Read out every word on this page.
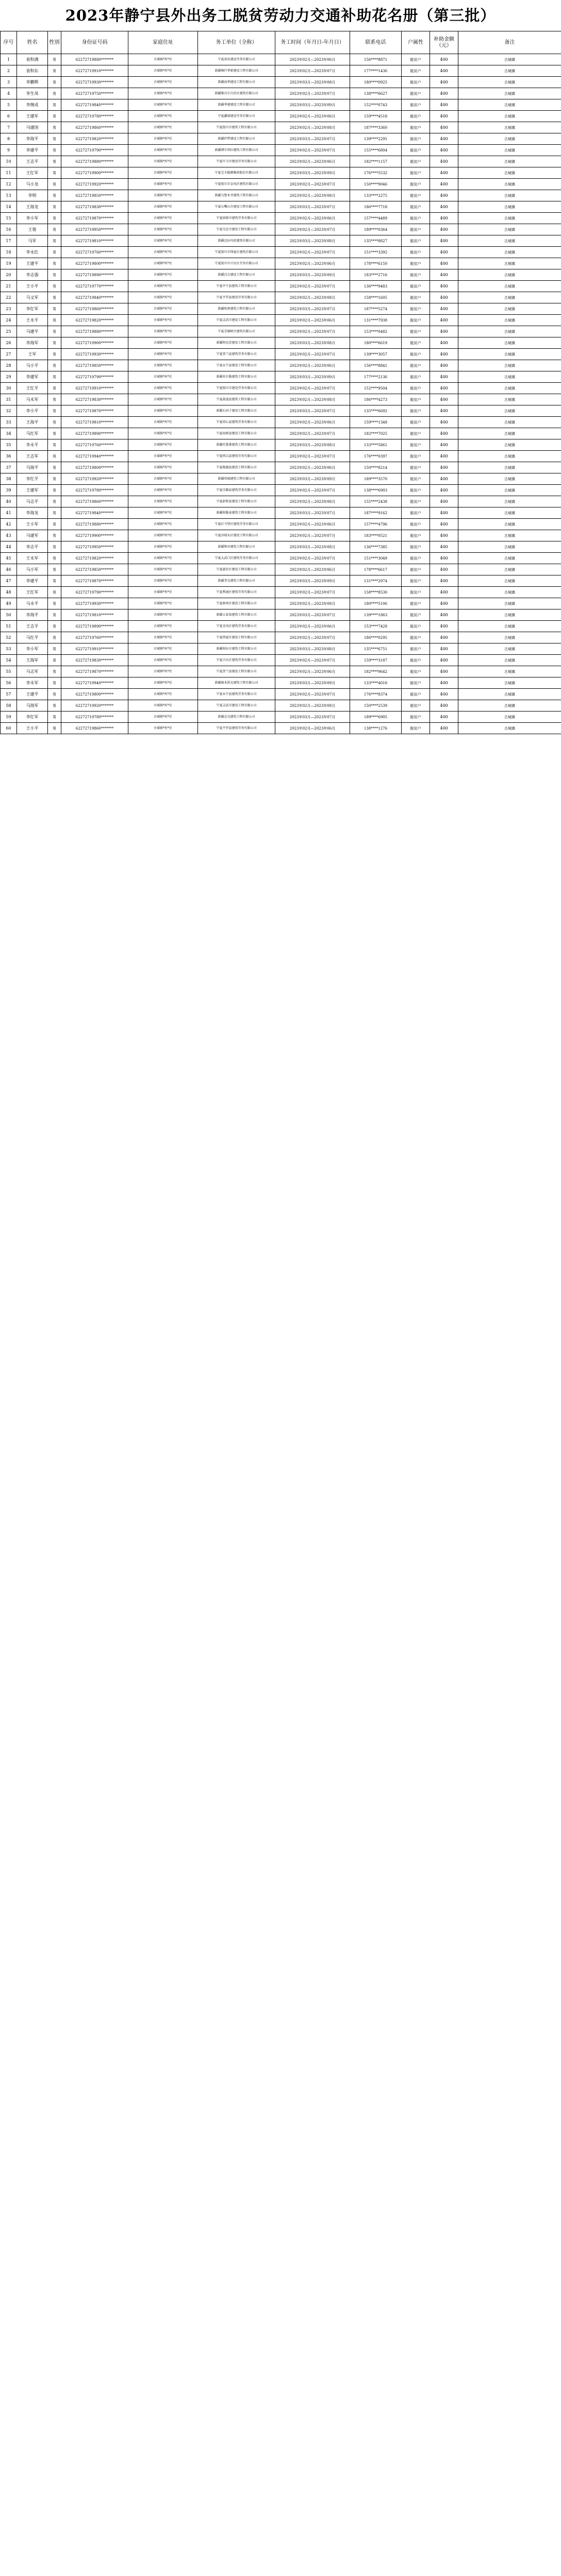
2023年静宁县外出务工脱贫劳动力交通补助花名册（第三批）
序号	姓名	性别	身份证号码	家庭住址	务工单位（全称）	务工时间（年月日-年月日）	联系电话	户属性	补助金额（元）	备注
1	袁和满	男	62272719880*******	古城镇*村*社	宁夏奋发建设劳务有限公司	2023年02月—2023年06月	156****8871	脱贫户	400	古城镇
2	袁和东	男	62272719910*******	古城镇*村*社	新疆喀什华新建设工程有限公司	2023年02月—2023年07月	177****1436	脱贫户	400	古城镇
3	李鹏辉	男	62272719930*******	古城镇*村*社	新疆海华建设工程有限公司	2023年03月—2023年08月	180****0925	脱贫户	400	古城镇
4	李生凤	男	62272719750*******	古城镇*村*社	新疆维吾尔自治区建筑有限公司	2023年02月—2023年07月	138****6627	脱贫户	400	古城镇
5	李继成	男	62272719840*******	古城镇*村*社	新疆华建建设工程有限公司	2023年03月—2023年09月	152****0743	脱贫户	400	古城镇
6	王建军	男	62272719780*******	古城镇*村*社	宁夏鑫瑞建设劳务有限公司	2023年02月—2023年06月	159****4518	脱贫户	400	古城镇
7	马建国	男	62272719860*******	古城镇*村*社	宁夏银川市建筑工程有限公司	2023年02月—2023年08月	187****3360	脱贫户	400	古城镇
8	李海平	男	62272719820*******	古城镇*村*社	新疆伊犁建设工程有限公司	2023年03月—2023年07月	139****2291	脱贫户	400	古城镇
9	李建平	男	62272719790*******	古城镇*村*社	新疆博尔塔拉建筑工程有限公司	2023年02月—2023年07月	155****6804	脱贫户	400	古城镇
10	王志平	男	62272719880*******	古城镇*村*社	宁夏中卫市建设劳务有限公司	2023年02月—2023年06月	182****1157	脱贫户	400	古城镇
11	王红军	男	62272719900*******	古城镇*村*社	宁夏宝丰能源集团股份有限公司	2023年03月—2023年09月	176****5532	脱贫户	400	古城镇
12	马小龙	男	62272719920*******	古城镇*村*社	宁夏银川市金凤区建筑有限公司	2023年02月—2023年07月	150****9046	脱贫户	400	古城镇
13	李明	男	62272719850*******	古城镇*村*社	新疆乌鲁木齐建筑工程有限公司	2023年02月—2023年08月	133****2275	脱贫户	400	古城镇
14	王海龙	男	62272719830*******	古城镇*村*社	宁夏石嘴山市建设工程有限公司	2023年03月—2023年07月	186****7718	脱贫户	400	古城镇
15	李小军	男	62272719870*******	古城镇*村*社	宁夏固原市建筑劳务有限公司	2023年02月—2023年06月	157****4489	脱贫户	400	古城镇
16	王俊	男	62272719950*******	古城镇*村*社	宁夏吴忠市建设工程有限公司	2023年02月—2023年07月	189****0364	脱贫户	400	古城镇
17	马军	男	62272719810*******	古城镇*村*社	新疆克拉玛依建筑有限公司	2023年03月—2023年08月	135****8827	脱贫户	400	古城镇
18	李永红	男	62272719760*******	古城镇*村*社	宁夏银川市西夏区建筑有限公司	2023年02月—2023年07月	151****3392	脱贫户	400	古城镇
19	王建平	男	62272719800*******	古城镇*村*社	宁夏银川市兴庆区劳务有限公司	2023年02月—2023年06月	178****6150	脱贫户	400	古城镇
20	李志强	男	62272719890*******	古城镇*村*社	新疆昌吉建设工程有限公司	2023年03月—2023年09月	183****2716	脱贫户	400	古城镇
21	王小平	男	62272719770*******	古城镇*村*社	宁夏中宁县建筑工程有限公司	2023年02月—2023年07月	136****9483	脱贫户	400	古城镇
22	马文军	男	62272719840*******	古城镇*村*社	宁夏平罗县建设劳务有限公司	2023年02月—2023年08月	158****1605	脱贫户	400	古城镇
23	李红军	男	62272719860*******	古城镇*村*社	新疆哈密建筑工程有限公司	2023年03月—2023年07月	187****5274	脱贫户	400	古城镇
24	王永平	男	62272719820*******	古城镇*村*社	宁夏灵武市建设工程有限公司	2023年02月—2023年06月	131****7938	脱贫户	400	古城镇
25	马建平	男	62272719880*******	古城镇*村*社	宁夏青铜峡市建筑有限公司	2023年02月—2023年07月	153****0482	脱贫户	400	古城镇
26	李海军	男	62272719900*******	古城镇*村*社	新疆阿克苏建设工程有限公司	2023年03月—2023年08月	180****6619	脱贫户	400	古城镇
27	王军	男	62272719930*******	古城镇*村*社	宁夏贺兰县建筑劳务有限公司	2023年02月—2023年07月	139****3057	脱贫户	400	古城镇
28	马小平	男	62272719850*******	古城镇*村*社	宁夏永宁县建设工程有限公司	2023年02月—2023年06月	156****8841	脱贫户	400	古城镇
29	李建军	男	62272719790*******	古城镇*村*社	新疆库尔勒建筑工程有限公司	2023年03月—2023年09月	177****2136	脱贫户	400	古城镇
30	王红平	男	62272719910*******	古城镇*村*社	宁夏银川市建设劳务有限公司	2023年02月—2023年07月	152****9504	脱贫户	400	古城镇
31	马永军	男	62272719830*******	古城镇*村*社	宁夏盐池县建筑工程有限公司	2023年02月—2023年08月	186****4273	脱贫户	400	古城镇
32	李小平	男	62272719870*******	古城镇*村*社	新疆石河子建设工程有限公司	2023年03月—2023年07月	135****6692	脱贫户	400	古城镇
33	王海平	男	62272719810*******	古城镇*村*社	宁夏同心县建筑劳务有限公司	2023年02月—2023年06月	159****1348	脱贫户	400	古城镇
34	马红军	男	62272719890*******	古城镇*村*社	宁夏海原县建设工程有限公司	2023年02月—2023年07月	182****7025	脱贫户	400	古城镇
35	李永平	男	62272719760*******	古城镇*村*社	新疆吐鲁番建筑工程有限公司	2023年03月—2023年08月	133****5861	脱贫户	400	古城镇
36	王志军	男	62272719940*******	古城镇*村*社	宁夏西吉县建筑劳务有限公司	2023年02月—2023年07月	176****0397	脱贫户	400	古城镇
37	马海平	男	62272719800*******	古城镇*村*社	宁夏隆德县建设工程有限公司	2023年02月—2023年06月	150****8214	脱贫户	400	古城镇
38	李红平	男	62272719920*******	古城镇*村*社	新疆塔城建筑工程有限公司	2023年03月—2023年09月	189****3570	脱贫户	400	古城镇
39	王建军	男	62272719780*******	古城镇*村*社	宁夏泾源县建筑劳务有限公司	2023年02月—2023年07月	138****6903	脱贫户	400	古城镇
40	马志平	男	62272719860*******	古城镇*村*社	宁夏彭阳县建设工程有限公司	2023年02月—2023年08月	155****2438	脱贫户	400	古城镇
41	李海龙	男	62272719840*******	古城镇*村*社	新疆阿勒泰建筑工程有限公司	2023年03月—2023年07月	187****9162	脱贫户	400	古城镇
42	王小军	男	62272719880*******	古城镇*村*社	宁夏红寺堡区建筑劳务有限公司	2023年02月—2023年06月	157****4796	脱贫户	400	古城镇
43	马建军	男	62272719900*******	古城镇*村*社	宁夏沙坡头区建设工程有限公司	2023年02月—2023年07月	183****0521	脱贫户	400	古城镇
44	李志平	男	62272719950*******	古城镇*村*社	新疆和田建筑工程有限公司	2023年03月—2023年08月	136****7385	脱贫户	400	古城镇
45	王永军	男	62272719820*******	古城镇*村*社	宁夏大武口区建筑劳务有限公司	2023年02月—2023年07月	151****3049	脱贫户	400	古城镇
46	马小军	男	62272719850*******	古城镇*村*社	宁夏惠农区建设工程有限公司	2023年02月—2023年06月	178****6617	脱贫户	400	古城镇
47	李建平	男	62272719870*******	古城镇*村*社	新疆奎屯建筑工程有限公司	2023年03月—2023年09月	131****2974	脱贫户	400	古城镇
48	王红军	男	62272719790*******	古城镇*村*社	宁夏利通区建筑劳务有限公司	2023年02月—2023年07月	158****8530	脱贫户	400	古城镇
49	马永平	男	62272719930*******	古城镇*村*社	宁夏原州区建设工程有限公司	2023年02月—2023年08月	180****5106	脱贫户	400	古城镇
50	李海平	男	62272719810*******	古城镇*村*社	新疆五家渠建筑工程有限公司	2023年03月—2023年07月	139****1863	脱贫户	400	古城镇
51	王志平	男	62272719890*******	古城镇*村*社	宁夏金凤区建筑劳务有限公司	2023年02月—2023年06月	153****7428	脱贫户	400	古城镇
52	马红平	男	62272719760*******	古城镇*村*社	宁夏西夏区建设工程有限公司	2023年02月—2023年07月	186****0295	脱贫户	400	古城镇
53	李小军	男	62272719910*******	古城镇*村*社	新疆阿拉尔建筑工程有限公司	2023年03月—2023年08月	135****6751	脱贫户	400	古城镇
54	王海军	男	62272719830*******	古城镇*村*社	宁夏兴庆区建筑劳务有限公司	2023年02月—2023年07月	159****3187	脱贫户	400	古城镇
55	马志军	男	62272719870*******	古城镇*村*社	宁夏贺兰县建设工程有限公司	2023年02月—2023年06月	182****9642	脱贫户	400	古城镇
56	李永军	男	62272719940*******	古城镇*村*社	新疆图木舒克建筑工程有限公司	2023年03月—2023年09月	133****4018	脱贫户	400	古城镇
57	王建平	男	62272719800*******	古城镇*村*社	宁夏永宁县建筑劳务有限公司	2023年02月—2023年07月	176****8374	脱贫户	400	古城镇
58	马海军	男	62272719920*******	古城镇*村*社	宁夏灵武市建设工程有限公司	2023年02月—2023年08月	150****2539	脱贫户	400	古城镇
59	李红军	男	62272719780*******	古城镇*村*社	新疆北屯建筑工程有限公司	2023年03月—2023年07月	189****6905	脱贫户	400	古城镇
60	王小平	男	62272719860*******	古城镇*村*社	宁夏平罗县建筑劳务有限公司	2023年02月—2023年06月	138****1276	脱贫户	400	古城镇
